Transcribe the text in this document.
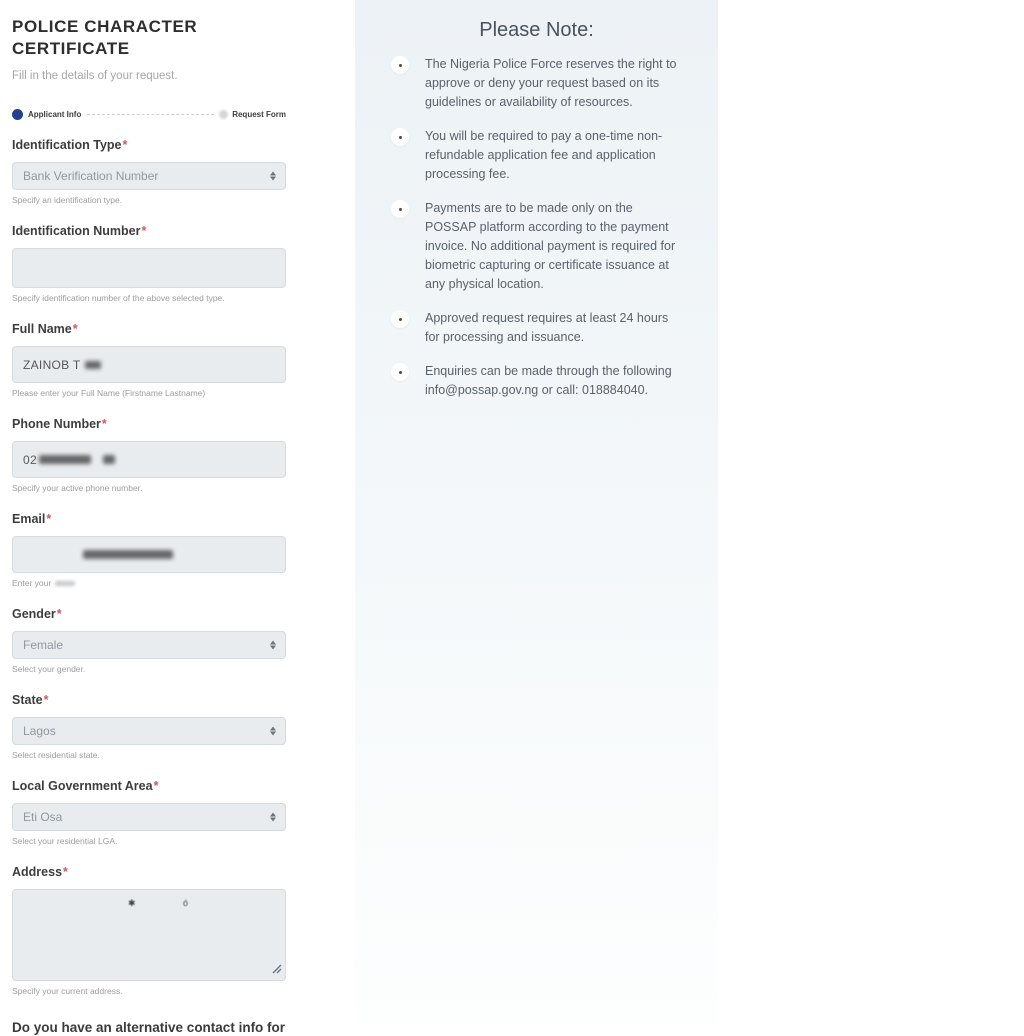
POLICE CHARACTER CERTIFICATE
Fill in the details of your request.
Applicant Info	Request Form
Identification Type*
Bank Verification Number
Specify an identification type.
Identification Number*
Specify identification number of the above selected type.
Full Name*
ZAINOB T
Please enter your Full Name (Firstname Lastname)
Phone Number*
02
Specify your active phone number.
Email*
Enter your
Gender*
Female
Select your gender.
State*
Lagos
Select residential state.
Local Government Area*
Eti Osa
Select your residential LGA.
Address*
✱	ó
Specify your current address.
Do you have an alternative contact info for
Please Note:
The Nigeria Police Force reserves the right to approve or deny your request based on its guidelines or availability of resources.
You will be required to pay a one-time non-refundable application fee and application processing fee.
Payments are to be made only on the POSSAP platform according to the payment invoice. No additional payment is required for biometric capturing or certificate issuance at any physical location.
Approved request requires at least 24 hours for processing and issuance.
Enquiries can be made through the following info@possap.gov.ng or call: 018884040.
